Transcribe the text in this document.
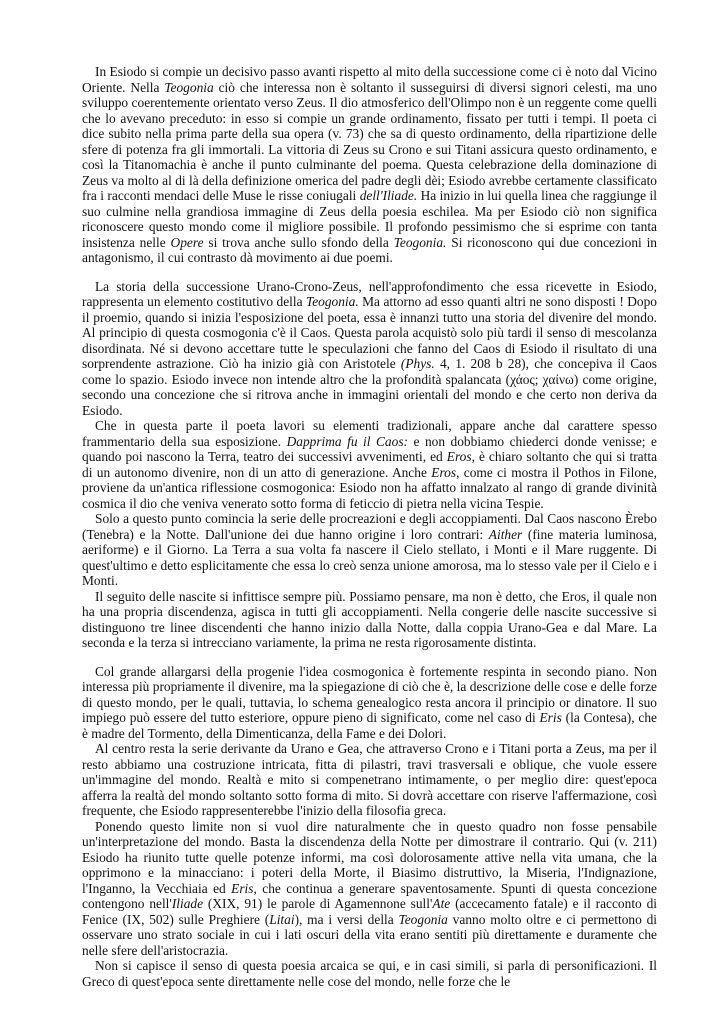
In Esiodo si compie un decisivo passo avanti rispetto al mito della successione come ci è noto dal Vicino Oriente. Nella Teogonia ciò che interessa non è soltanto il susseguirsi di diversi signori celesti, ma uno sviluppo coerentemente orientato verso Zeus. Il dio atmosferico dell'Olimpo non è un reggente come quelli che lo avevano preceduto: in esso si compie un grande ordinamento, fissato per tutti i tempi. Il poeta ci dice subito nella prima parte della sua opera (v. 73) che sa di questo ordinamento, della ripartizione delle sfere di potenza fra gli immortali. La vittoria di Zeus su Crono e sui Titani assicura questo ordinamento, e così la Titanomachia è anche il punto culminante del poema. Questa celebrazione della dominazione di Zeus va molto al di là della definizione omerica del padre degli dèi; Esiodo avrebbe certamente classificato fra i racconti mendaci delle Muse le risse coniugali dell'Iliade. Ha inizio in lui quella linea che raggiunge il suo culmine nella grandiosa immagine di Zeus della poesia eschilea. Ma per Esiodo ciò non significa riconoscere questo mondo come il migliore possibile. Il profondo pessimismo che si esprime con tanta insistenza nelle Opere si trova anche sullo sfondo della Teogonia. Si riconoscono qui due concezioni in antagonismo, il cui contrasto dà movimento ai due poemi.

La storia della successione Urano-Crono-Zeus, nell'approfondimento che essa ricevette in Esiodo, rappresenta un elemento costitutivo della Teogonia. Ma attorno ad esso quanti altri ne sono disposti ! Dopo il proemio, quando si inizia l'esposizione del poeta, essa è innanzi tutto una storia del divenire del mondo. Al principio di questa cosmogonia c'è il Caos. Questa parola acquistò solo più tardi il senso di mescolanza disordinata. Né si devono accettare tutte le speculazioni che fanno del Caos di Esiodo il risultato di una sorprendente astrazione. Ciò ha inizio già con Aristotele (Phys. 4, 1. 208 b 28), che concepiva il Caos come lo spazio. Esiodo invece non intende altro che la profondità spalancata (χάος; χαίνω) come origine, secondo una concezione che si ritrova anche in immagini orientali del mondo e che certo non deriva da Esiodo.

Che in questa parte il poeta lavori su elementi tradizionali, appare anche dal carattere spesso frammentario della sua esposizione. Dapprima fu il Caos: e non dobbiamo chiederci donde venisse; e quando poi nascono la Terra, teatro dei successivi avvenimenti, ed Eros, è chiaro soltanto che qui si tratta di un autonomo divenire, non di un atto di generazione. Anche Eros, come ci mostra il Pothos in Filone, proviene da un'antica riflessione cosmogonica: Esiodo non ha affatto innalzato al rango di grande divinità cosmica il dio che veniva venerato sotto forma di feticcio di pietra nella vicina Tespie.

Solo a questo punto comincia la serie delle procreazioni e degli accoppiamenti. Dal Caos nascono Èrebo (Tenebra) e la Notte. Dall'unione dei due hanno origine i loro contrari: Aither (fine materia luminosa, aeriforme) e il Giorno. La Terra a sua volta fa nascere il Cielo stellato, i Monti e il Mare ruggente. Di quest'ultimo e detto esplicitamente che essa lo creò senza unione amorosa, ma lo stesso vale per il Cielo e i Monti.

Il seguito delle nascite si infittisce sempre più. Possiamo pensare, ma non è detto, che Eros, il quale non ha una propria discendenza, agisca in tutti gli accoppiamenti. Nella congerie delle nascite successive si distinguono tre linee discendenti che hanno inizio dalla Notte, dalla coppia Urano-Gea e dal Mare. La seconda e la terza si intrecciano variamente, la prima ne resta rigorosamente distinta.

Col grande allargarsi della progenie l'idea cosmogonica è fortemente respinta in secondo piano. Non interessa più propriamente il divenire, ma la spiegazione di ciò che è, la descrizione delle cose e delle forze di questo mondo, per le quali, tuttavia, lo schema genealogico resta ancora il principio or dinatore. Il suo impiego può essere del tutto esteriore, oppure pieno di significato, come nel caso di Eris (la Contesa), che è madre del Tormento, della Dimenticanza, della Fame e dei Dolori.

Al centro resta la serie derivante da Urano e Gea, che attraverso Crono e i Titani porta a Zeus, ma per il resto abbiamo una costruzione intricata, fitta di pilastri, travi trasversali e oblique, che vuole essere un'immagine del mondo. Realtà e mito si compenetrano intimamente, o per meglio dire: quest'epoca afferra la realtà del mondo soltanto sotto forma di mito. Si dovrà accettare con riserve l'affermazione, così frequente, che Esiodo rappresenterebbe l'inizio della filosofia greca.

Ponendo questo limite non si vuol dire naturalmente che in questo quadro non fosse pensabile un'interpretazione del mondo. Basta la discendenza della Notte per dimostrare il contrario. Qui (v. 211) Esiodo ha riunito tutte quelle potenze informi, ma così dolorosamente attive nella vita umana, che la opprimono e la minacciano: i poteri della Morte, il Biasimo distruttivo, la Miseria, l'Indignazione, l'Inganno, la Vecchiaia ed Eris, che continua a generare spaventosamente. Spunti di questa concezione contengono nell'Iliade (XIX, 91) le parole di Agamennone sull'Ate (accecamento fatale) e il racconto di Fenice (IX, 502) sulle Preghiere (Litai), ma i versi della Teogonia vanno molto oltre e ci permettono di osservare uno strato sociale in cui i lati oscuri della vita erano sentiti più direttamente e duramente che nelle sfere dell'aristocrazia.

Non si capisce il senso di questa poesia arcaica se qui, e in casi simili, si parla di personificazioni. Il Greco di quest'epoca sente direttamente nelle cose del mondo, nelle forze che le
